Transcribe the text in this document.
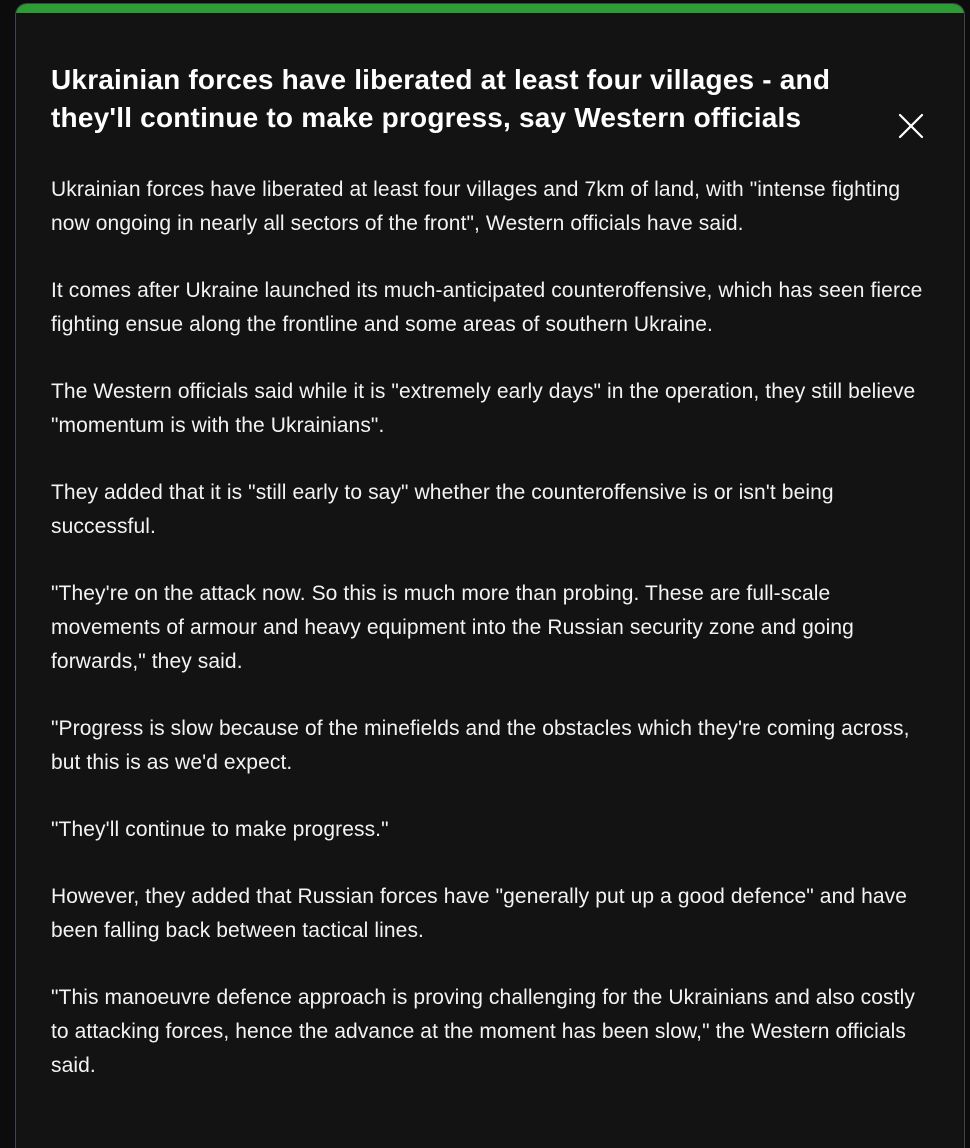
Ukrainian forces have liberated at least four villages - and they'll continue to make progress, say Western officials

Ukrainian forces have liberated at least four villages and 7km of land, with "intense fighting now ongoing in nearly all sectors of the front", Western officials have said.

It comes after Ukraine launched its much-anticipated counteroffensive, which has seen fierce fighting ensue along the frontline and some areas of southern Ukraine.

The Western officials said while it is "extremely early days" in the operation, they still believe "momentum is with the Ukrainians".

They added that it is "still early to say" whether the counteroffensive is or isn't being successful.

"They're on the attack now. So this is much more than probing. These are full-scale movements of armour and heavy equipment into the Russian security zone and going forwards," they said.

"Progress is slow because of the minefields and the obstacles which they're coming across, but this is as we'd expect.

"They'll continue to make progress."

However, they added that Russian forces have "generally put up a good defence" and have been falling back between tactical lines.

"This manoeuvre defence approach is proving challenging for the Ukrainians and also costly to attacking forces, hence the advance at the moment has been slow," the Western officials said.
